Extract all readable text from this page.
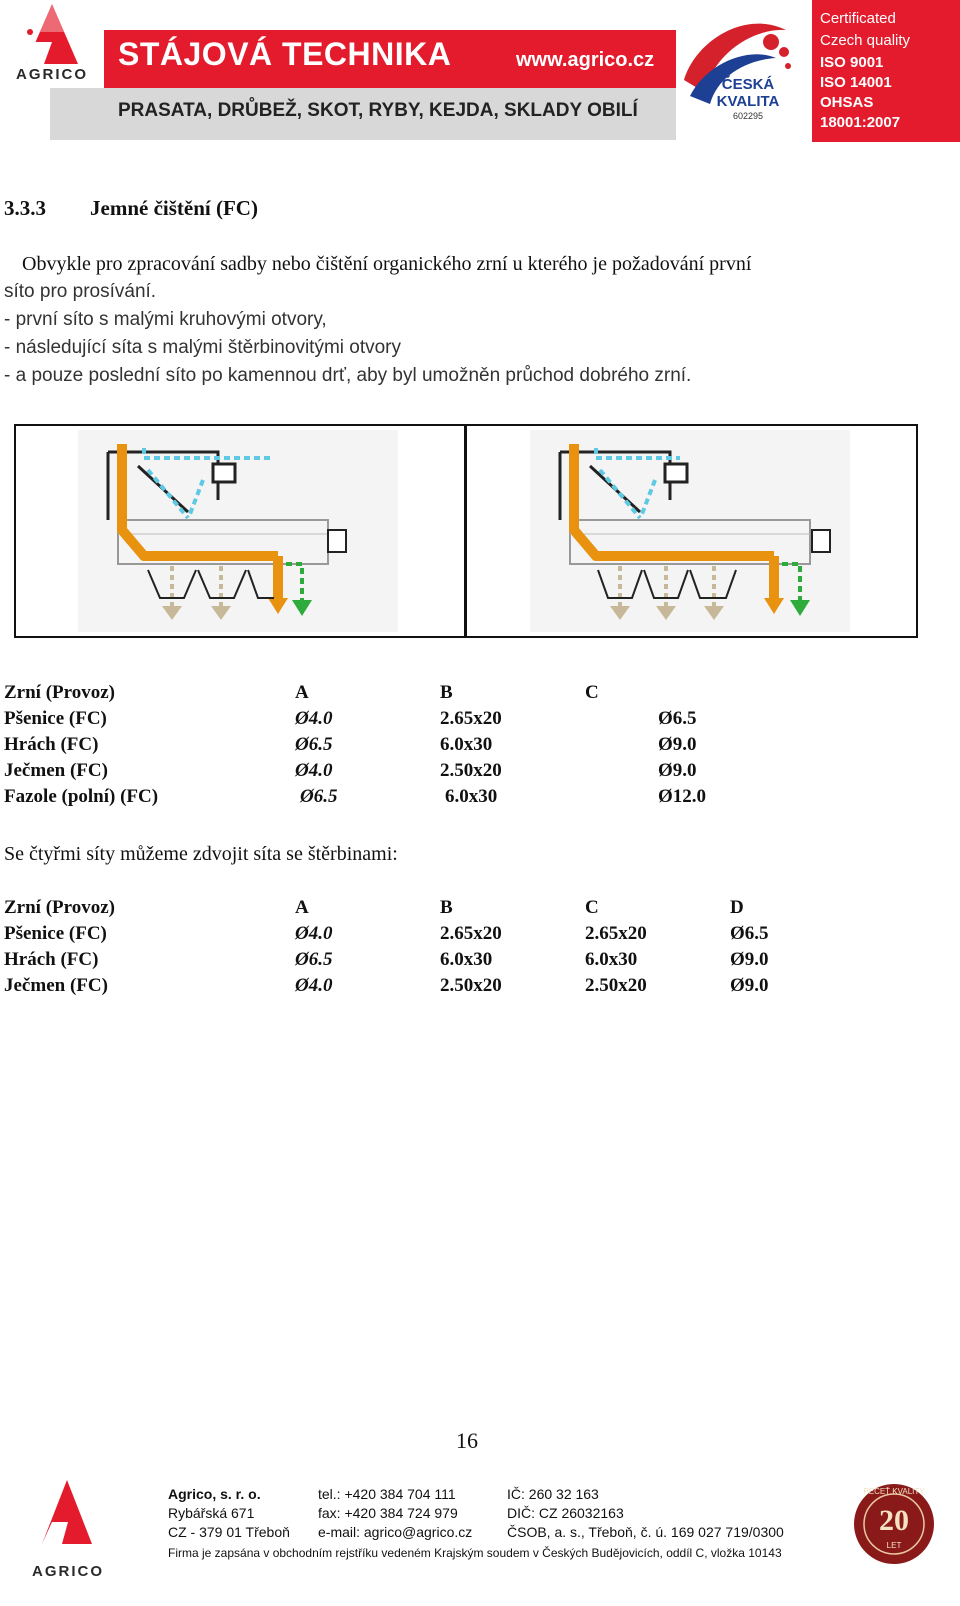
AGRICO
STÁJOVÁ TECHNIKA	www.agrico.cz
PRASATA, DRŮBEŽ, SKOT, RYBY, KEJDA, SKLADY OBILÍ
ČESKÁ
KVALITA
602295
Certificated
Czech quality
ISO 9001
ISO 14001
OHSAS
18001:2007
3.3.3 Jemné čištění (FC)
Obvykle pro zpracování sadby nebo čištění organického zrní u kterého je požadování první
síto pro prosívání.
- první síto s malými kruhovými otvory,
- následující síta s malými štěrbinovitými otvory
- a pouze poslední síto po kamennou drť, aby byl umožněn průchod dobrého zrní.
Zrní (Provoz)	A	B	C
Pšenice (FC)	Ø4.0	2.65x20	Ø6.5
Hrách (FC)	Ø6.5	6.0x30	Ø9.0
Ječmen (FC)	Ø4.0	2.50x20	Ø9.0
Fazole (polní) (FC)	Ø6.5	6.0x30	Ø12.0
Se čtyřmi síty můžeme zdvojit síta se štěrbinami:
Zrní (Provoz)	A	B	C	D
Pšenice (FC)	Ø4.0	2.65x20	2.65x20	Ø6.5
Hrách (FC)	Ø6.5	6.0x30	6.0x30	Ø9.0
Ječmen (FC)	Ø4.0	2.50x20	2.50x20	Ø9.0
16
AGRICO
Agrico, s. r. o.
Rybářská 671
CZ - 379 01 Třeboň
tel.: +420 384 704 111
fax: +420 384 724 979
e-mail: agrico@agrico.cz
IČ: 260 32 163
DIČ: CZ 26032163
ČSOB, a. s., Třeboň, č. ú. 169 027 719/0300
Firma je zapsána v obchodním rejstříku vedeném Krajským soudem v Českých Budějovicích, oddíl C, vložka 10143
20
PEČEŤ KVALITY
LET
